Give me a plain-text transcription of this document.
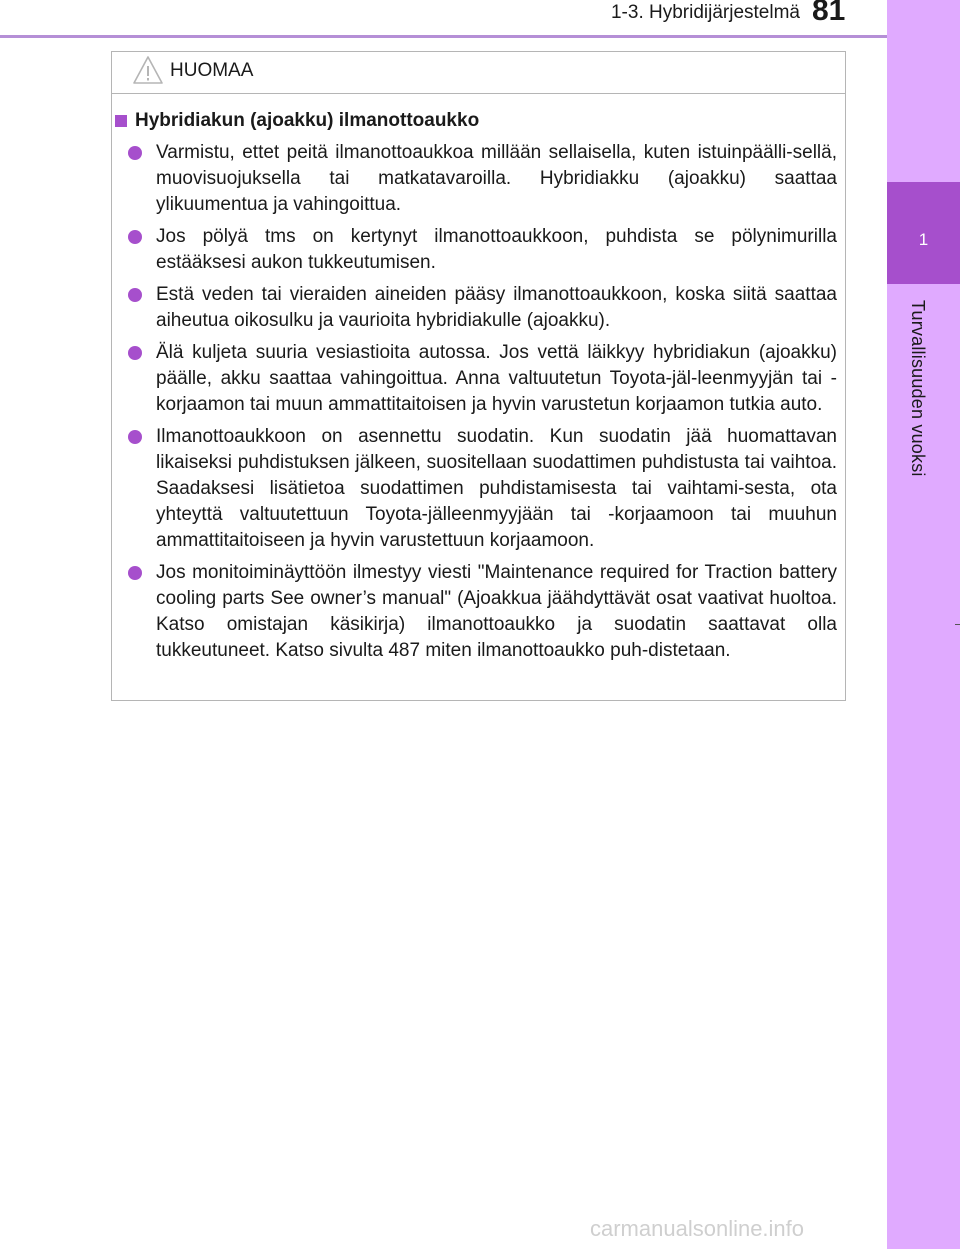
1-3. Hybridijärjestelmä 81
1
Turvallisuuden vuoksi
HUOMAA
Hybridiakun (ajoakku) ilmanottoaukko
Varmistu, ettet peitä ilmanottoaukkoa millään sellaisella, kuten istuinpäälli-sellä, muovisuojuksella tai matkatavaroilla. Hybridiakku (ajoakku) saattaa ylikuumentua ja vahingoittua.
Jos pölyä tms on kertynyt ilmanottoaukkoon, puhdista se pölynimurilla estääksesi aukon tukkeutumisen.
Estä veden tai vieraiden aineiden pääsy ilmanottoaukkoon, koska siitä saattaa aiheutua oikosulku ja vaurioita hybridiakulle (ajoakku).
Älä kuljeta suuria vesiastioita autossa. Jos vettä läikkyy hybridiakun (ajoakku) päälle, akku saattaa vahingoittua. Anna valtuutetun Toyota-jäl-leenmyyjän tai -korjaamon tai muun ammattitaitoisen ja hyvin varustetun korjaamon tutkia auto.
Ilmanottoaukkoon on asennettu suodatin. Kun suodatin jää huomattavan likaiseksi puhdistuksen jälkeen, suositellaan suodattimen puhdistusta tai vaihtoa. Saadaksesi lisätietoa suodattimen puhdistamisesta tai vaihtami-sesta, ota yhteyttä valtuutettuun Toyota-jälleenmyyjään tai -korjaamoon tai muuhun ammattitaitoiseen ja hyvin varustettuun korjaamoon.
Jos monitoiminäyttöön ilmestyy viesti "Maintenance required for Traction battery cooling parts See owner’s manual" (Ajoakkua jäähdyttävät osat vaativat huoltoa. Katso omistajan käsikirja) ilmanottoaukko ja suodatin saattavat olla tukkeutuneet. Katso sivulta 487 miten ilmanottoaukko puh-distetaan.
carmanualsonline.info
